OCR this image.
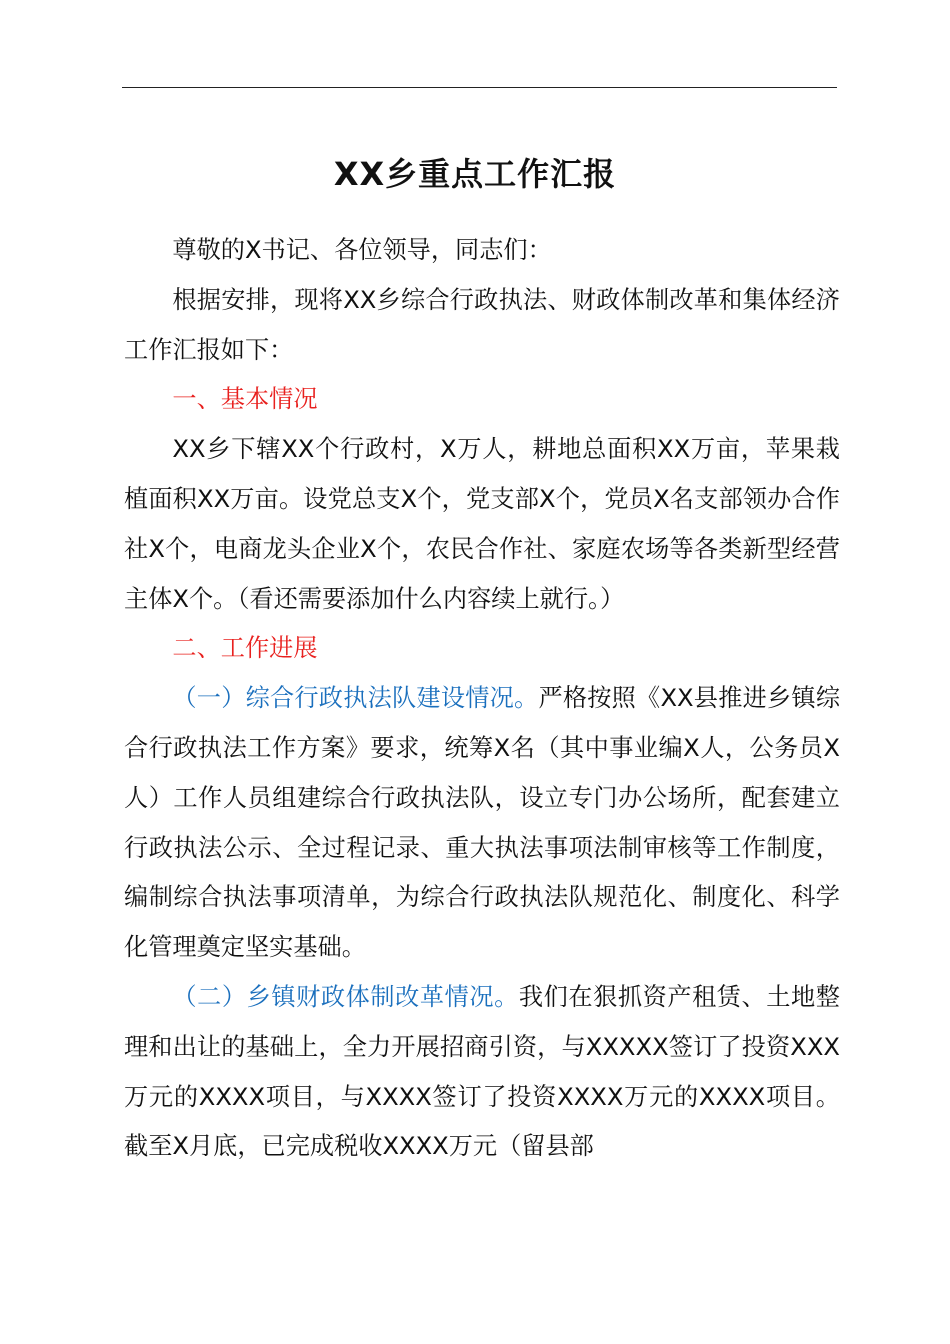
XX乡重点工作汇报

尊敬的X书记、各位领导，同志们：

根据安排，现将XX乡综合行政执法、财政体制改革和集体经济工作汇报如下：

一、基本情况

XX乡下辖XX个行政村，X万人，耕地总面积XX万亩，苹果栽植面积XX万亩。设党总支X个，党支部X个，党员X名支部领办合作社X个，电商龙头企业X个，农民合作社、家庭农场等各类新型经营主体X个。（看还需要添加什么内容续上就行。）

二、工作进展

（一）综合行政执法队建设情况。严格按照《XX县推进乡镇综合行政执法工作方案》要求，统筹X名（其中事业编X人，公务员X人）工作人员组建综合行政执法队，设立专门办公场所，配套建立行政执法公示、全过程记录、重大执法事项法制审核等工作制度，编制综合执法事项清单，为综合行政执法队规范化、制度化、科学化管理奠定坚实基础。

（二）乡镇财政体制改革情况。我们在狠抓资产租赁、土地整理和出让的基础上，全力开展招商引资，与XXXXX签订了投资XXX万元的XXXX项目，与XXXX签订了投资XXXX万元的XXXX项目。截至X月底，已完成税收XXXX万元（留县部
